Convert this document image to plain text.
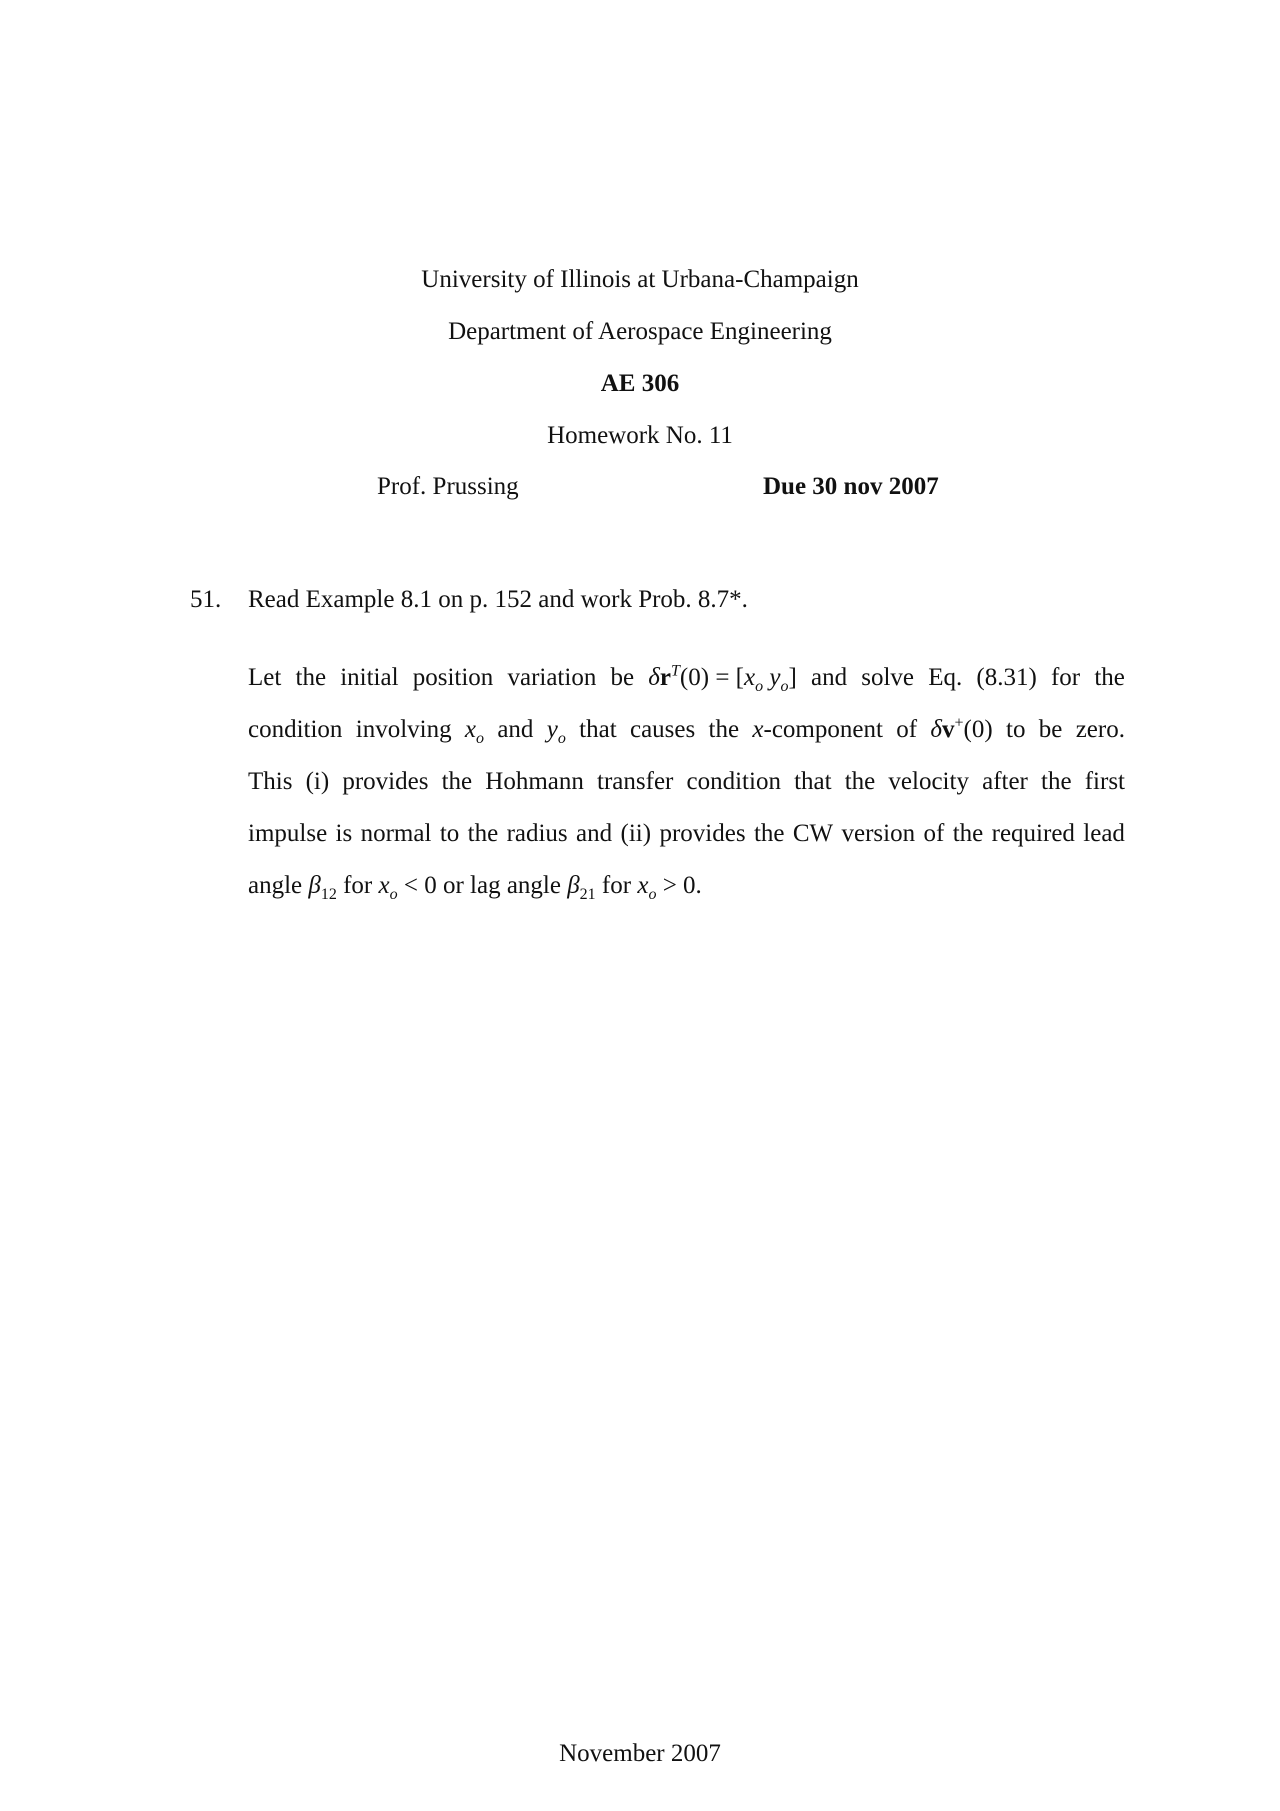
University of Illinois at Urbana-Champaign

Department of Aerospace Engineering

AE 306

Homework No. 11

Prof. Prussing	Due 30 nov 2007
51. Read Example 8.1 on p. 152 and work Prob. 8.7*.
Let the initial position variation be $\delta r^T(0) = [x_o$ $y_o$] and solve Eq. (8.31) for the
condition involving $x_o$ and $y_o$ that causes the x-component of δv+(0) to be zero.
This (i) provides the Hohmann transfer condition that the velocity after the first
impulse is normal to the radius and (ii) provides the CW version of the required lead
angle $\beta_{12}$ for $x_o < 0$ or lag angle $\beta_{21}$ for $x_o > 0$.
November 2007
